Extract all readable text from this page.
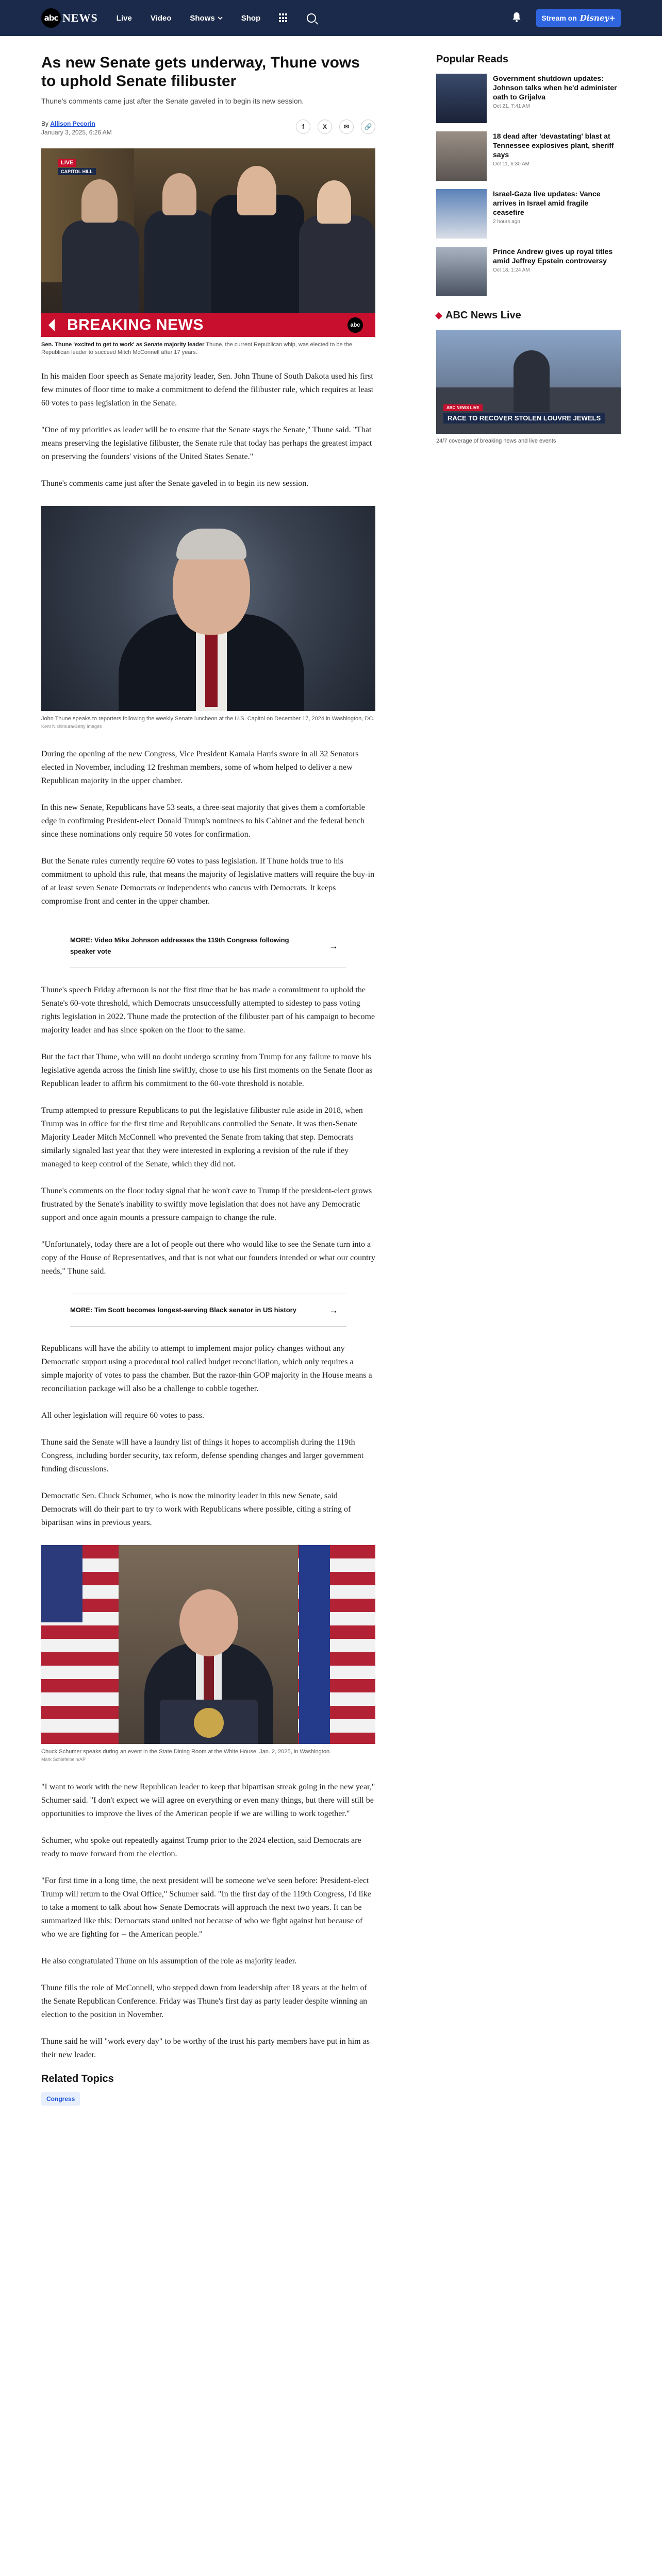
abc NEWS Live Video Shows	Shop	Stream on Disney+
As new Senate gets underway, Thune vows to uphold Senate filibuster

Thune's comments came just after the Senate gaveled in to begin its new session.

By Allison Pecorin
January 3, 2025, 6:26 AM
f	X	✉	🔗
LIVE
CAPITOL HILL
BREAKING NEWS	abc

Sen. Thune 'excited to get to work' as Senate majority leader Thune, the current Republican whip, was elected to be the Republican leader to succeed Mitch McConnell after 17 years.

In his maiden floor speech as Senate majority leader, Sen. John Thune of South Dakota used his first few minutes of floor time to make a commitment to defend the filibuster rule, which requires at least 60 votes to pass legislation in the Senate.

"One of my priorities as leader will be to ensure that the Senate stays the Senate," Thune said. "That means preserving the legislative filibuster, the Senate rule that today has perhaps the greatest impact on preserving the founders' visions of the United States Senate."

Thune's comments came just after the Senate gaveled in to begin its new session.

John Thune speaks to reporters following the weekly Senate luncheon at the U.S. Capitol on December 17, 2024 in Washington, DC.

Kent Nishimura/Getty Images

During the opening of the new Congress, Vice President Kamala Harris swore in all 32 Senators elected in November, including 12 freshman members, some of whom helped to deliver a new Republican majority in the upper chamber.

In this new Senate, Republicans have 53 seats, a three-seat majority that gives them a comfortable edge in confirming President-elect Donald Trump's nominees to his Cabinet and the federal bench since these nominations only require 50 votes for confirmation.

But the Senate rules currently require 60 votes to pass legislation. If Thune holds true to his commitment to uphold this rule, that means the majority of legislative matters will require the buy-in of at least seven Senate Democrats or independents who caucus with Democrats. It keeps compromise front and center in the upper chamber.

MORE: Video Mike Johnson addresses the 119th Congress following speaker vote
→

Thune's speech Friday afternoon is not the first time that he has made a commitment to uphold the Senate's 60-vote threshold, which Democrats unsuccessfully attempted to sidestep to pass voting rights legislation in 2022. Thune made the protection of the filibuster part of his campaign to become majority leader and has since spoken on the floor to the same.

But the fact that Thune, who will no doubt undergo scrutiny from Trump for any failure to move his legislative agenda across the finish line swiftly, chose to use his first moments on the Senate floor as Republican leader to affirm his commitment to the 60-vote threshold is notable.

Trump attempted to pressure Republicans to put the legislative filibuster rule aside in 2018, when Trump was in office for the first time and Republicans controlled the Senate. It was then-Senate Majority Leader Mitch McConnell who prevented the Senate from taking that step. Democrats similarly signaled last year that they were interested in exploring a revision of the rule if they managed to keep control of the Senate, which they did not.

Thune's comments on the floor today signal that he won't cave to Trump if the president-elect grows frustrated by the Senate's inability to swiftly move legislation that does not have any Democratic support and once again mounts a pressure campaign to change the rule.

"Unfortunately, today there are a lot of people out there who would like to see the Senate turn into a copy of the House of Representatives, and that is not what our founders intended or what our country needs," Thune said.

MORE: Tim Scott becomes longest-serving Black senator in US history	→

Republicans will have the ability to attempt to implement major policy changes without any Democratic support using a procedural tool called budget reconciliation, which only requires a simple majority of votes to pass the chamber. But the razor-thin GOP majority in the House means a reconciliation package will also be a challenge to cobble together.

All other legislation will require 60 votes to pass.

Thune said the Senate will have a laundry list of things it hopes to accomplish during the 119th Congress, including border security, tax reform, defense spending changes and larger government funding discussions.

Democratic Sen. Chuck Schumer, who is now the minority leader in this new Senate, said Democrats will do their part to try to work with Republicans where possible, citing a string of bipartisan wins in previous years.

Chuck Schumer speaks during an event in the State Dining Room at the White House, Jan. 2, 2025, in Washington.

Mark Schiefelbein/AP

"I want to work with the new Republican leader to keep that bipartisan streak going in the new year," Schumer said. "I don't expect we will agree on everything or even many things, but there will still be opportunities to improve the lives of the American people if we are willing to work together."

Schumer, who spoke out repeatedly against Trump prior to the 2024 election, said Democrats are ready to move forward from the election.

"For first time in a long time, the next president will be someone we've seen before: President-elect Trump will return to the Oval Office," Schumer said. "In the first day of the 119th Congress, I'd like to take a moment to talk about how Senate Democrats will approach the next two years. It can be summarized like this: Democrats stand united not because of who we fight against but because of who we are fighting for -- the American people."

He also congratulated Thune on his assumption of the role as majority leader.

Thune fills the role of McConnell, who stepped down from leadership after 18 years at the helm of the Senate Republican Conference. Friday was Thune's first day as party leader despite winning an election to the position in November.

Thune said he will "work every day" to be worthy of the trust his party members have put in him as their new leader.

Related Topics
Congress
Popular Reads
Government shutdown updates: Johnson talks when he'd administer oath to Grijalva
Oct 21, 7:41 AM
18 dead after 'devastating' blast at Tennessee explosives plant, sheriff says
Oct 11, 6:30 AM
Israel-Gaza live updates: Vance arrives in Israel amid fragile ceasefire
2 hours ago
Prince Andrew gives up royal titles amid Jeffrey Epstein controversy
Oct 18, 1:24 AM
ABC News Live
ABC NEWS LIVE
RACE TO RECOVER STOLEN LOUVRE JEWELS

24/7 coverage of breaking news and live events
